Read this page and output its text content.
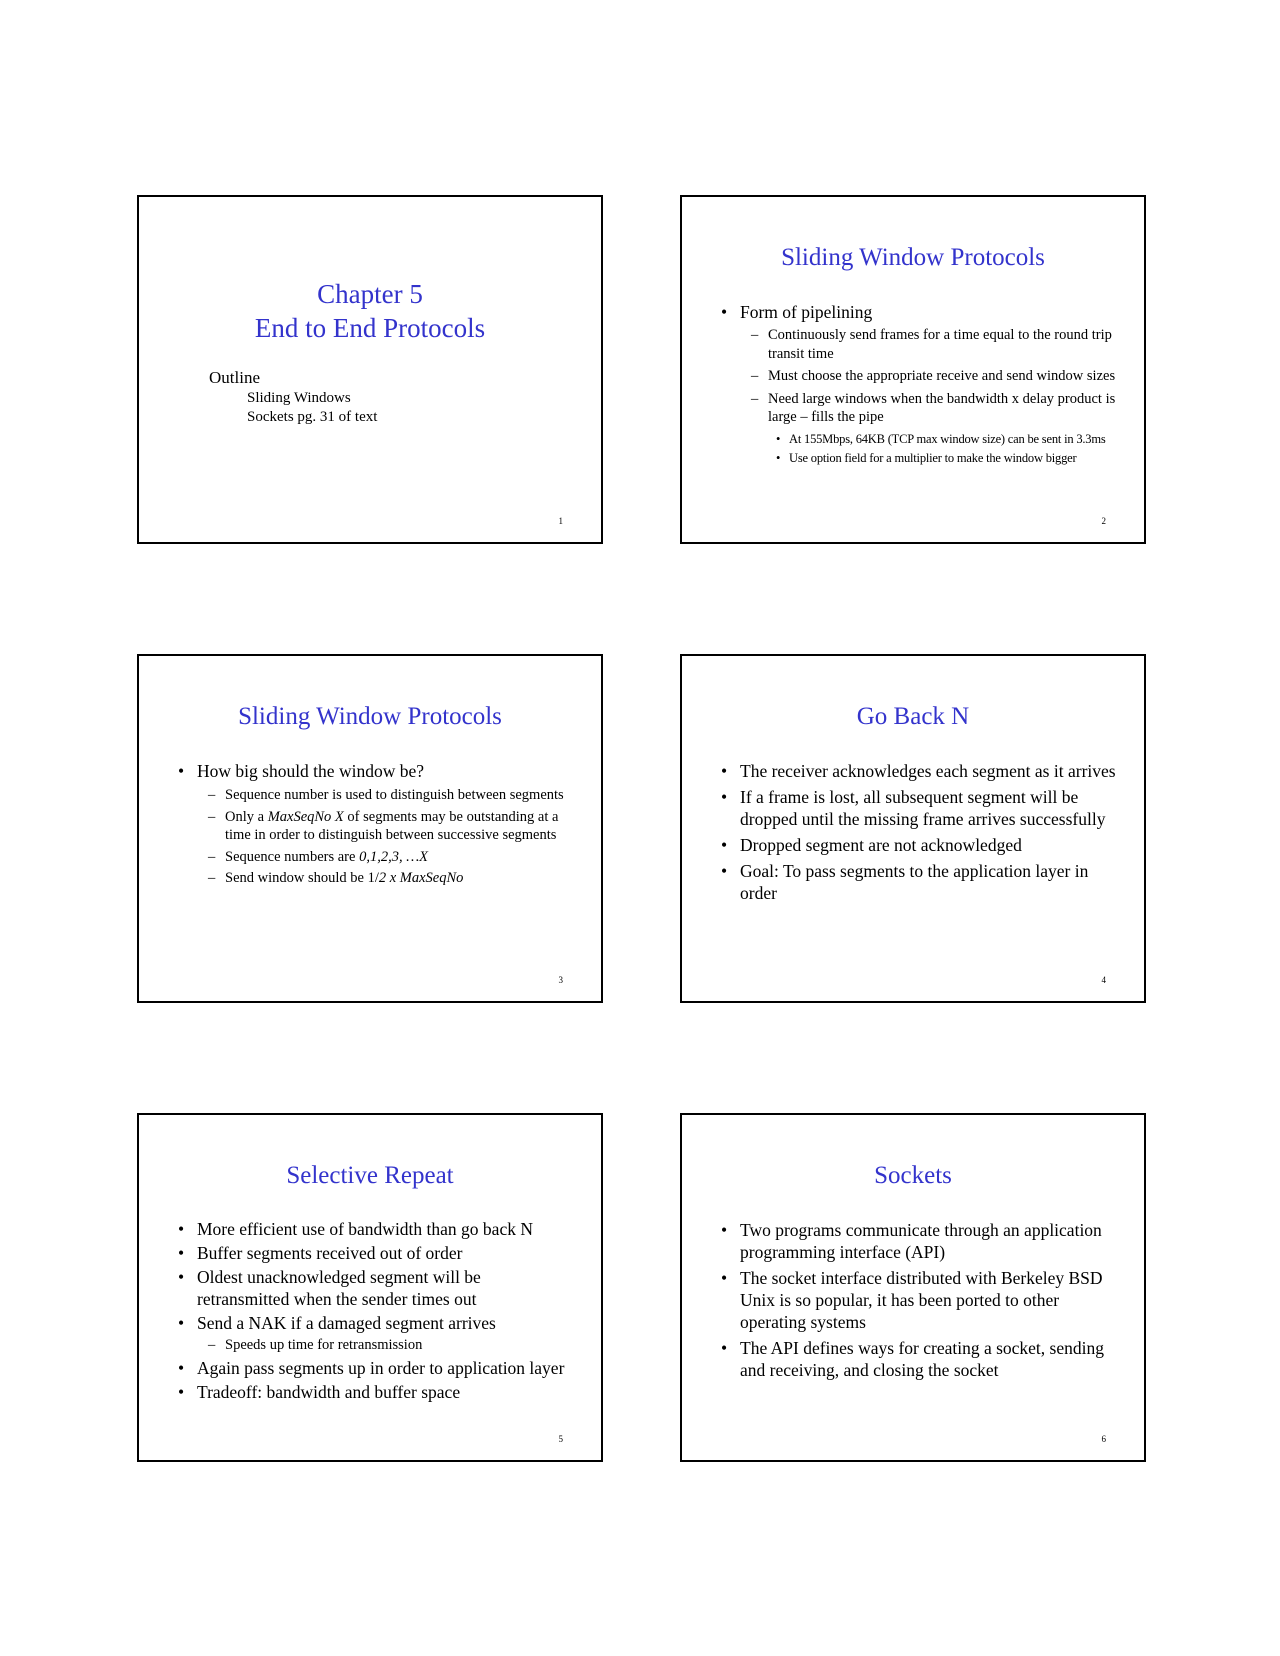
Chapter 5
End to End Protocols
Outline
Sliding Windows
Sockets pg. 31 of text
1
Sliding Window Protocols
• Form of pipelining
– Continuously send frames for a time equal to the round trip transit time
– Must choose the appropriate receive and send window sizes
– Need large windows when the bandwidth x delay product is large – fills the pipe
• At 155Mbps, 64KB (TCP max window size) can be sent in 3.3ms
• Use option field for a multiplier to make the window bigger
2
Sliding Window Protocols
• How big should the window be?
– Sequence number is used to distinguish between segments
– Only a MaxSeqNo X of segments may be outstanding at a time in order to distinguish between successive segments
– Sequence numbers are 0,1,2,3, …X
– Send window should be 1/2 x MaxSeqNo
3
Go Back N
• The receiver acknowledges each segment as it arrives
• If a frame is lost, all subsequent segment will be dropped until the missing frame arrives successfully
• Dropped segment are not acknowledged
• Goal: To pass segments to the application layer in order
4
Selective Repeat
• More efficient use of bandwidth than go back N
• Buffer segments received out of order
• Oldest unacknowledged segment will be retransmitted when the sender times out
• Send a NAK if a damaged segment arrives
– Speeds up time for retransmission
• Again pass segments up in order to application layer
• Tradeoff: bandwidth and buffer space
5
Sockets
• Two programs communicate through an application programming interface (API)
• The socket interface distributed with Berkeley BSD Unix is so popular, it has been ported to other operating systems
• The API defines ways for creating a socket, sending and receiving, and closing the socket
6
